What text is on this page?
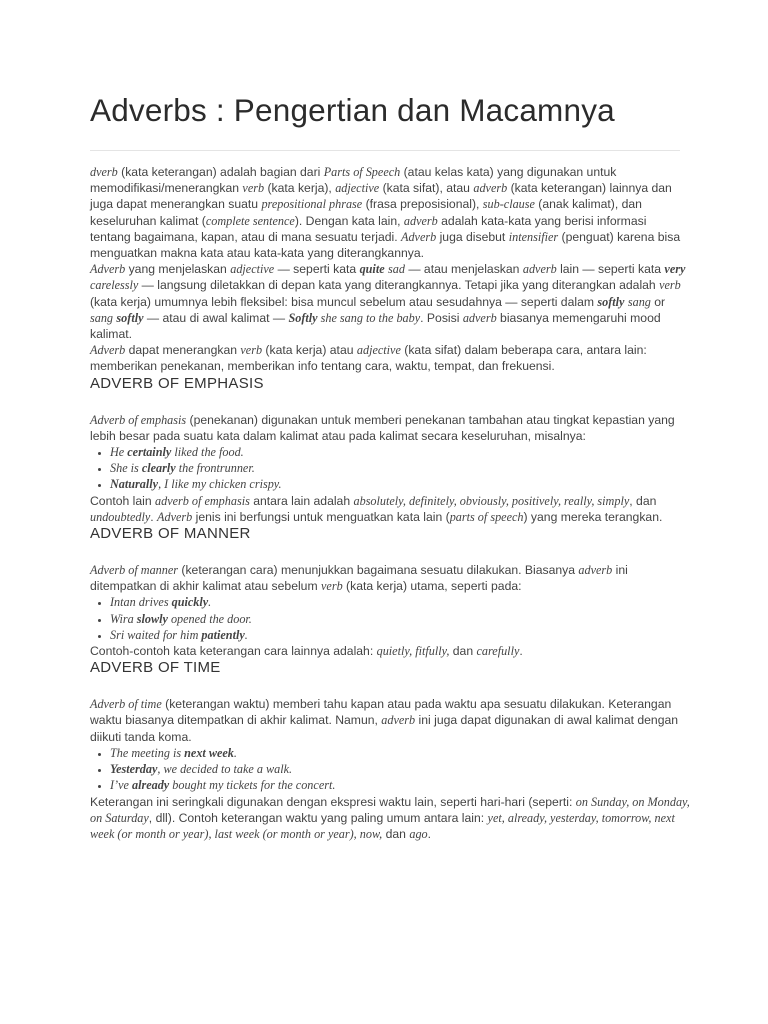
Adverbs : Pengertian dan Macamnya

dverb (kata keterangan) adalah bagian dari Parts of Speech (atau kelas kata) yang digunakan untuk memodifikasi/menerangkan verb (kata kerja), adjective (kata sifat), atau adverb (kata keterangan) lainnya dan juga dapat menerangkan suatu prepositional phrase (frasa preposisional), sub-clause (anak kalimat), dan keseluruhan kalimat (complete sentence). Dengan kata lain, adverb adalah kata-kata yang berisi informasi tentang bagaimana, kapan, atau di mana sesuatu terjadi. Adverb juga disebut intensifier (penguat) karena bisa menguatkan makna kata atau kata-kata yang diterangkannya.

Adverb yang menjelaskan adjective — seperti kata quite sad — atau menjelaskan adverb lain — seperti kata very carelessly — langsung diletakkan di depan kata yang diterangkannya. Tetapi jika yang diterangkan adalah verb (kata kerja) umumnya lebih fleksibel: bisa muncul sebelum atau sesudahnya — seperti dalam softly sang or sang softly — atau di awal kalimat — Softly she sang to the baby. Posisi adverb biasanya memengaruhi mood kalimat.

Adverb dapat menerangkan verb (kata kerja) atau adjective (kata sifat) dalam beberapa cara, antara lain: memberikan penekanan, memberikan info tentang cara, waktu, tempat, dan frekuensi.

ADVERB OF EMPHASIS

Adverb of emphasis (penekanan) digunakan untuk memberi penekanan tambahan atau tingkat kepastian yang lebih besar pada suatu kata dalam kalimat atau pada kalimat secara keseluruhan, misalnya:

• He certainly liked the food.
• She is clearly the frontrunner.
• Naturally, I like my chicken crispy.

Contoh lain adverb of emphasis antara lain adalah absolutely, definitely, obviously, positively, really, simply, dan undoubtedly. Adverb jenis ini berfungsi untuk menguatkan kata lain (parts of speech) yang mereka terangkan.

ADVERB OF MANNER

Adverb of manner (keterangan cara) menunjukkan bagaimana sesuatu dilakukan. Biasanya adverb ini ditempatkan di akhir kalimat atau sebelum verb (kata kerja) utama, seperti pada:

• Intan drives quickly.
• Wira slowly opened the door.
• Sri waited for him patiently.

Contoh-contoh kata keterangan cara lainnya adalah: quietly, fitfully, dan carefully.

ADVERB OF TIME

Adverb of time (keterangan waktu) memberi tahu kapan atau pada waktu apa sesuatu dilakukan. Keterangan waktu biasanya ditempatkan di akhir kalimat. Namun, adverb ini juga dapat digunakan di awal kalimat dengan diikuti tanda koma.

• The meeting is next week.
• Yesterday, we decided to take a walk.
• I’ve already bought my tickets for the concert.

Keterangan ini seringkali digunakan dengan ekspresi waktu lain, seperti hari-hari (seperti: on Sunday, on Monday, on Saturday, dll). Contoh keterangan waktu yang paling umum antara lain: yet, already, yesterday, tomorrow, next week (or month or year), last week (or month or year), now, dan ago.
